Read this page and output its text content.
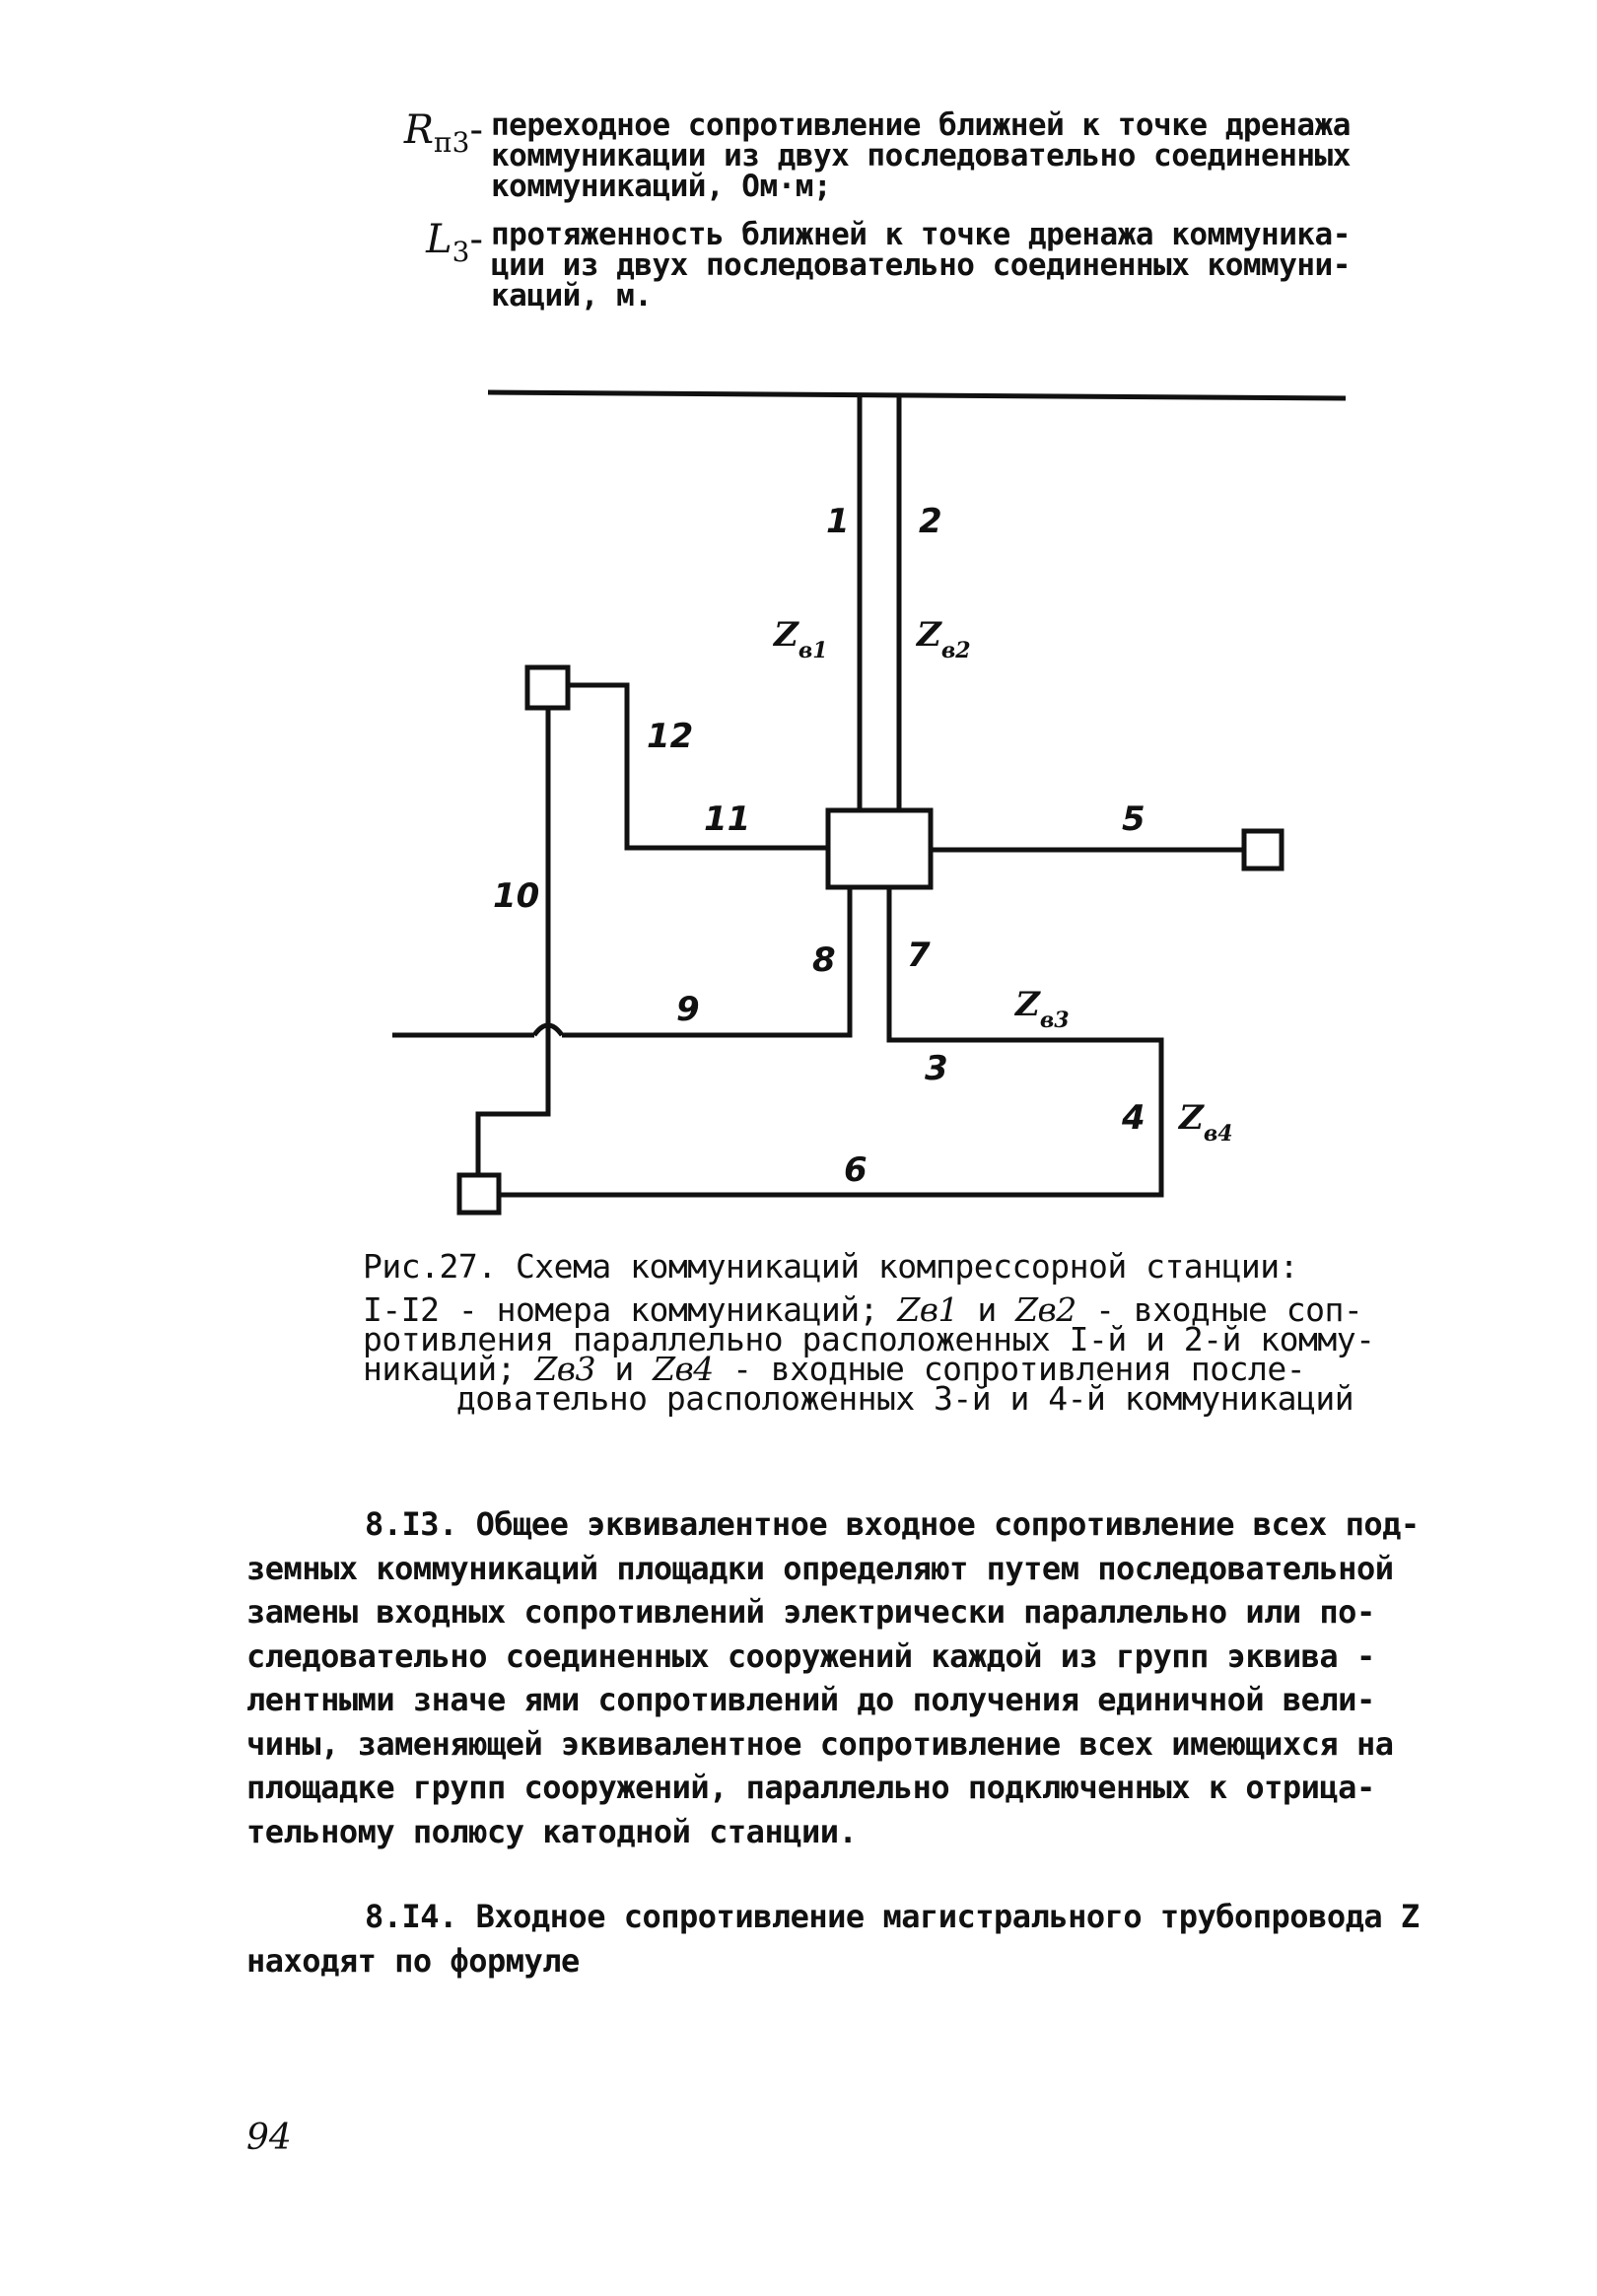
$R_{п3}-$ переходное сопротивление ближней к точке дренажа
коммуникации из двух последовательно соединенных
коммуникаций, Ом·м;
$L_3-$ протяженность ближней к точке дренажа коммуника-
ции из двух последовательно соединенных коммуни-
каций, м.
1 2
12
11	5
10
8 7
9
3
4
6
$Z_{в1}$	$Z_{в2}$
$Z_{в3}$
$Z_{в4}$
Рис.27. Схема коммуникаций компрессорной станции:
I-I2 - номера коммуникаций; Zв1 и Zв2 - входные соп-
ротивления параллельно расположенных I-й и 2-й комму-
никаций; Zв3 и Zв4 - входные сопротивления после-
довательно расположенных 3-й и 4-й коммуникаций
8.I3. Общее эквивалентное входное сопротивление всех под-
земных коммуникаций площадки определяют путем последовательной
замены входных сопротивлений электрически параллельно или по-
следовательно соединенных сооружений каждой из групп эквива -
лентными значе ями сопротивлений до получения единичной вели-
чины, заменяющей эквивалентное сопротивление всех имеющихся на
площадке групп сооружений, параллельно подключенных к отрица-
тельному полюсу катодной станции.
8.I4. Входное сопротивление магистрального трубопровода Z
находят по формуле
94
